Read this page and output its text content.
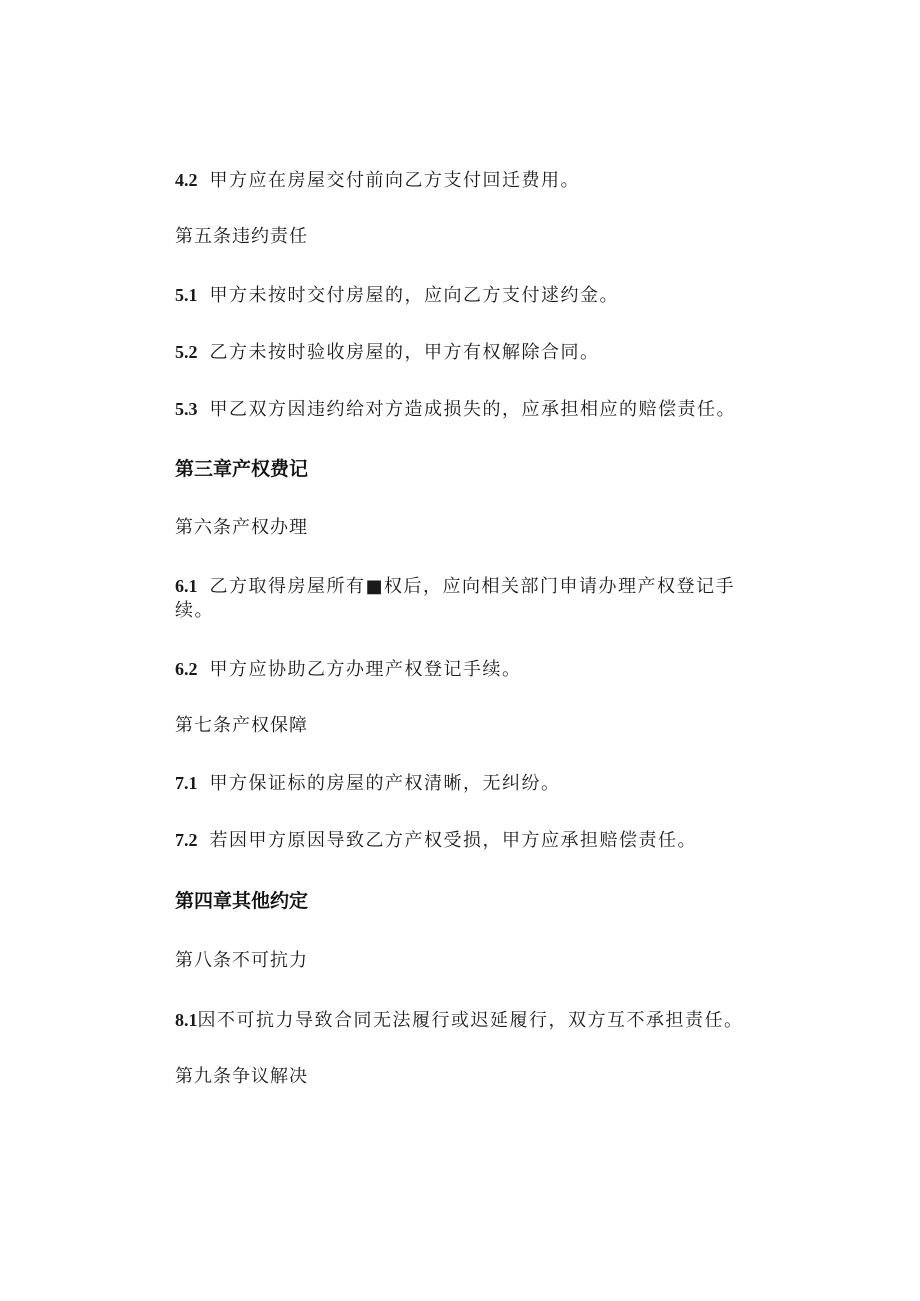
4.2 甲方应在房屋交付前向乙方支付回迁费用。
第五条违约责任
5.1 甲方未按时交付房屋的，应向乙方支付逑约金。
5.2 乙方未按时验收房屋的，甲方有权解除合同。
5.3 甲乙双方因违约给对方造成损失的，应承担相应的赔偿责任。
第三章产权费记
第六条产权办理
6.1 乙方取得房屋所有■权后，应向相关部门申请办理产权登记手续。
6.2 甲方应协助乙方办理产权登记手续。
第七条产权保障
7.1 甲方保证标的房屋的产权清晰，无纠纷。
7.2 若因甲方原因导致乙方产权受损，甲方应承担赔偿责任。
第四章其他约定
第八条不可抗力
8.1因不可抗力导致合同无法履行或迟延履行，双方互不承担责任。
第九条争议解决
